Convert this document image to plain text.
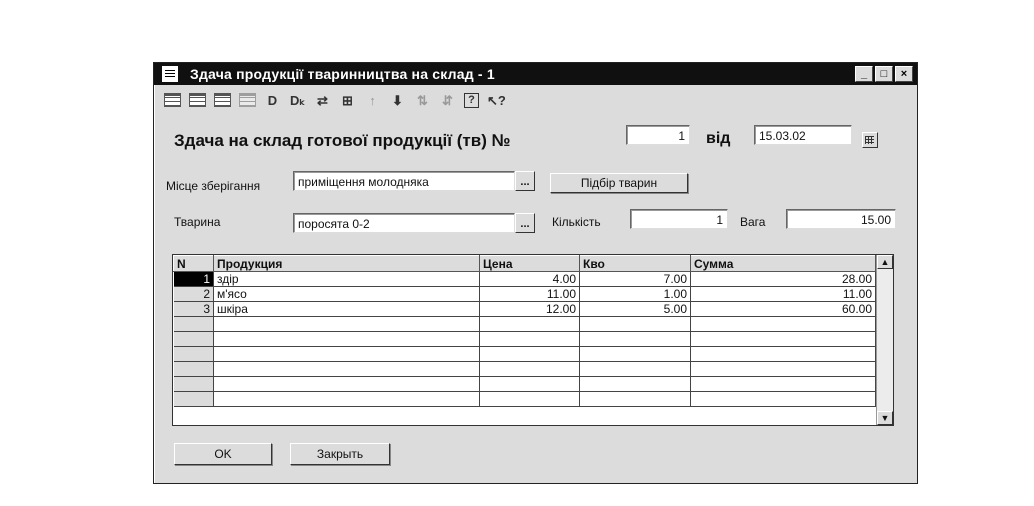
Здача продукції тваринництва на склад - 1	_	□	×
D Dₖ ⇄ ⊞	↑	⬇ ⇅ ⇵	? ↖?
Здача на склад готової продукції (тв) №	1	від	15.03.02
Місце зберігання	приміщення молодняка	...	Підбір тварин
Тварина	поросята 0-2	...	Кількість	1	Вага	15.00
N	Продукция	Цена	Кво	Сумма
1	здір	4.00	7.00	28.00
2	м'ясо	11.00	1.00	11.00
3	шкіра	12.00	5.00	60.00

▲
▼
OK	Закрыть
